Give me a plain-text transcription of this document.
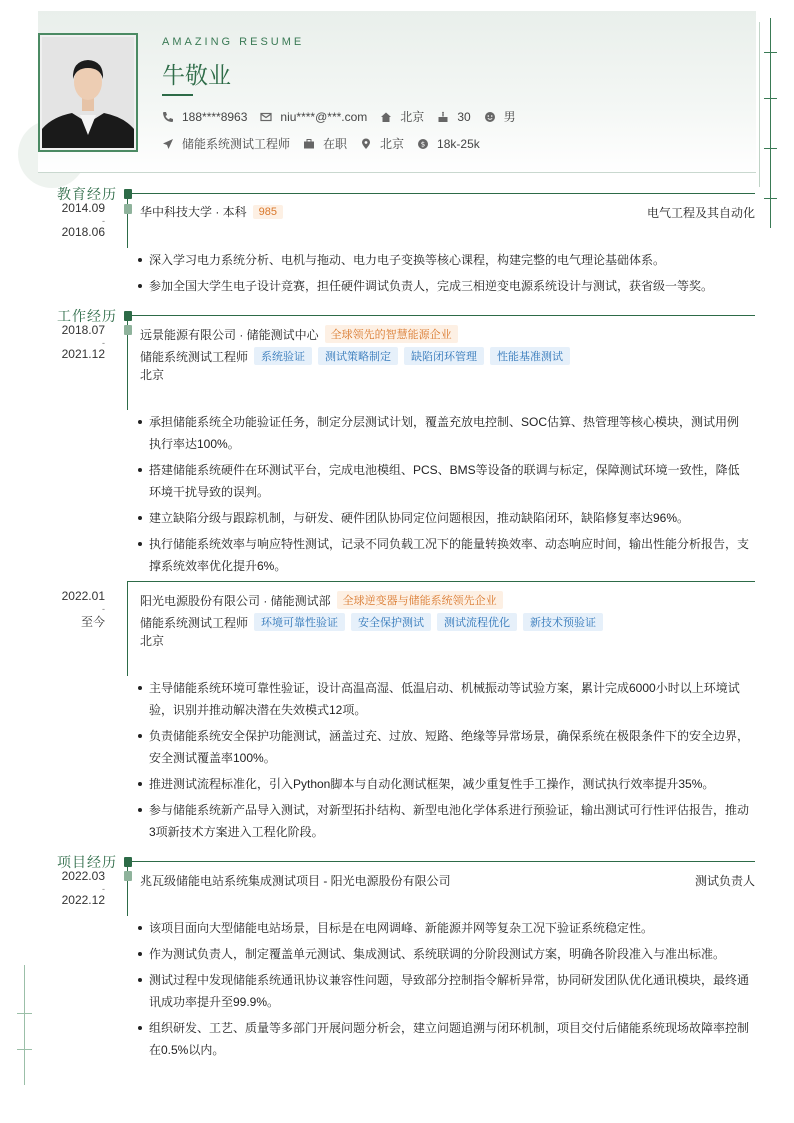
AMAZING RESUME
牛敬业
188****8963	niu****@***.com	北京	30	男
储能系统测试工程师	在职	北京 $ 18k-25k
教育经历
2014.09
-
2018.06
华中科技大学 · 本科	985	电气工程及其自动化
深入学习电力系统分析、电机与拖动、电力电子变换等核心课程，构建完整的电气理论基础体系。
参加全国大学生电子设计竞赛，担任硬件调试负责人，完成三相逆变电源系统设计与测试，获省级一等奖。
工作经历
2018.07
-
2021.12
远景能源有限公司 · 储能测试中心	全球领先的智慧能源企业
储能系统测试工程师	系统验证	测试策略制定	缺陷闭环管理	性能基准测试
北京
承担储能系统全功能验证任务，制定分层测试计划，覆盖充放电控制、SOC估算、热管理等核心模块，测试用例执行率达100%。
搭建储能系统硬件在环测试平台，完成电池模组、PCS、BMS等设备的联调与标定，保障测试环境一致性，降低环境干扰导致的误判。
建立缺陷分级与跟踪机制，与研发、硬件团队协同定位问题根因，推动缺陷闭环，缺陷修复率达96%。
执行储能系统效率与响应特性测试，记录不同负载工况下的能量转换效率、动态响应时间，输出性能分析报告，支撑系统效率优化提升6%。
2022.01
-
至今
阳光电源股份有限公司 · 储能测试部	全球逆变器与储能系统领先企业
储能系统测试工程师	环境可靠性验证	安全保护测试	测试流程优化	新技术预验证
北京
主导储能系统环境可靠性验证，设计高温高湿、低温启动、机械振动等试验方案，累计完成6000小时以上环境试验，识别并推动解决潜在失效模式12项。
负责储能系统安全保护功能测试，涵盖过充、过放、短路、绝缘等异常场景，确保系统在极限条件下的安全边界，安全测试覆盖率100%。
推进测试流程标准化，引入Python脚本与自动化测试框架，减少重复性手工操作，测试执行效率提升35%。
参与储能系统新产品导入测试，对新型拓扑结构、新型电池化学体系进行预验证，输出测试可行性评估报告，推动3项新技术方案进入工程化阶段。
项目经历
2022.03
-
2022.12
兆瓦级储能电站系统集成测试项目 - 阳光电源股份有限公司	测试负责人
该项目面向大型储能电站场景，目标是在电网调峰、新能源并网等复杂工况下验证系统稳定性。
作为测试负责人，制定覆盖单元测试、集成测试、系统联调的分阶段测试方案，明确各阶段准入与准出标准。
测试过程中发现储能系统通讯协议兼容性问题，导致部分控制指令解析异常，协同研发团队优化通讯模块，最终通讯成功率提升至99.9%。
组织研发、工艺、质量等多部门开展问题分析会，建立问题追溯与闭环机制，项目交付后储能系统现场故障率控制在0.5%以内。
